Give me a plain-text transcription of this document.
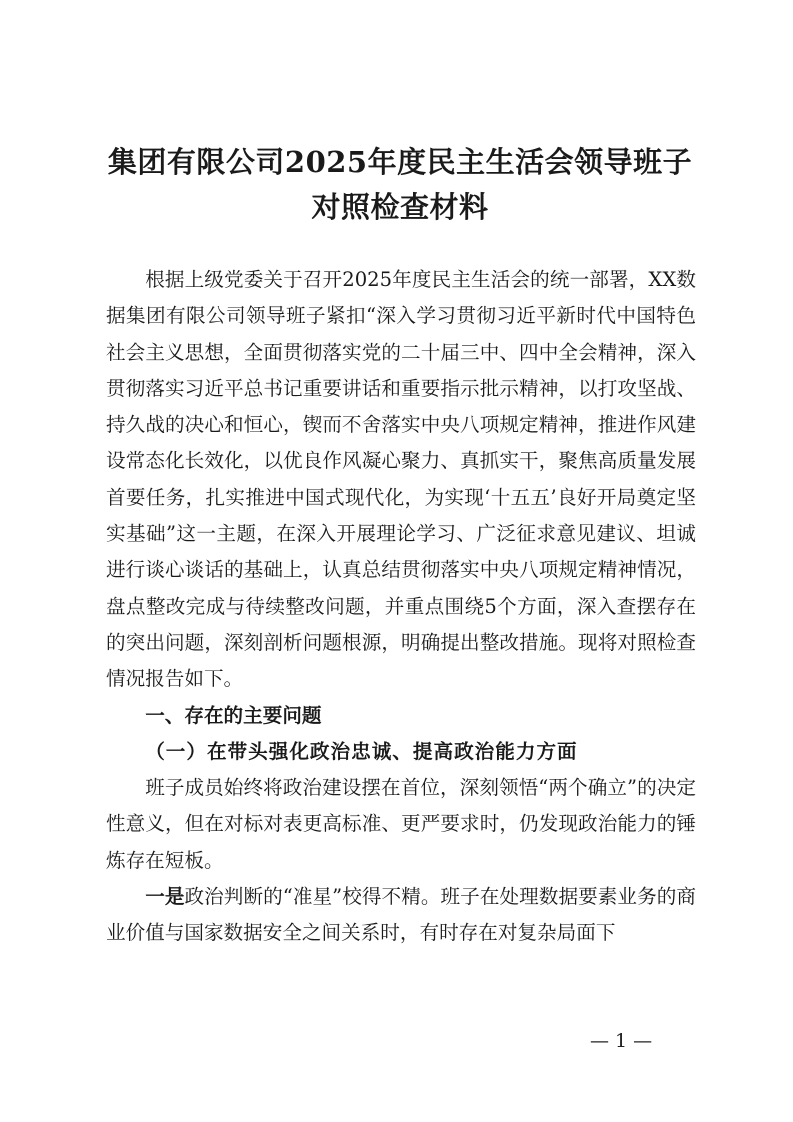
集团有限公司2025年度民主生活会领导班子
对照检查材料

根据上级党委关于召开2025年度民主生活会的统一部署，XX数据集团有限公司领导班子紧扣“深入学习贯彻习近平新时代中国特色社会主义思想，全面贯彻落实党的二十届三中、四中全会精神，深入贯彻落实习近平总书记重要讲话和重要指示批示精神，以打攻坚战、持久战的决心和恒心，锲而不舍落实中央八项规定精神，推进作风建设常态化长效化，以优良作风凝心聚力、真抓实干，聚焦高质量发展首要任务，扎实推进中国式现代化，为实现‘十五五’良好开局奠定坚实基础”这一主题，在深入开展理论学习、广泛征求意见建议、坦诚进行谈心谈话的基础上，认真总结贯彻落实中央八项规定精神情况，盘点整改完成与待续整改问题，并重点围绕5个方面，深入查摆存在的突出问题，深刻剖析问题根源，明确提出整改措施。现将对照检查情况报告如下。

一、存在的主要问题

（一）在带头强化政治忠诚、提高政治能力方面

班子成员始终将政治建设摆在首位，深刻领悟“两个确立”的决定性意义，但在对标对表更高标准、更严要求时，仍发现政治能力的锤炼存在短板。

一是政治判断的“准星”校得不精。班子在处理数据要素业务的商业价值与国家数据安全之间关系时，有时存在对复杂局面下

— 1 —
